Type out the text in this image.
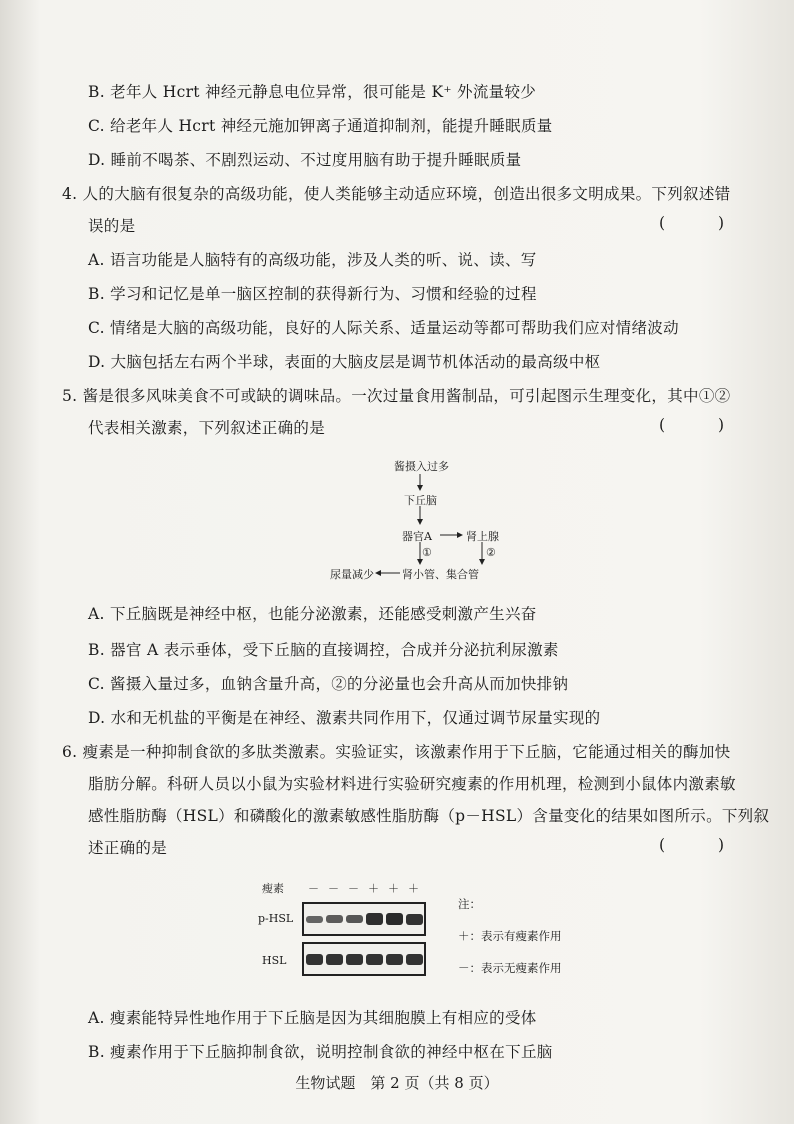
B. 老年人 Hcrt 神经元静息电位异常，很可能是 K⁺ 外流量较少
C. 给老年人 Hcrt 神经元施加钾离子通道抑制剂，能提升睡眠质量
D. 睡前不喝茶、不剧烈运动、不过度用脑有助于提升睡眠质量
4. 人的大脑有很复杂的高级功能，使人类能够主动适应环境，创造出很多文明成果。下列叙述错
误的是	( )
A. 语言功能是人脑特有的高级功能，涉及人类的听、说、读、写
B. 学习和记忆是单一脑区控制的获得新行为、习惯和经验的过程
C. 情绪是大脑的高级功能，良好的人际关系、适量运动等都可帮助我们应对情绪波动
D. 大脑包括左右两个半球，表面的大脑皮层是调节机体活动的最高级中枢
5. 酱是很多风味美食不可或缺的调味品。一次过量食用酱制品，可引起图示生理变化，其中①②
代表相关激素，下列叙述正确的是	( )
酱摄入过多
下丘脑
器官A	肾上腺
①	②
肾小管、集合管
尿量减少
A. 下丘脑既是神经中枢，也能分泌激素，还能感受刺激产生兴奋
B. 器官 A 表示垂体，受下丘脑的直接调控，合成并分泌抗利尿激素
C. 酱摄入量过多，血钠含量升高，②的分泌量也会升高从而加快排钠
D. 水和无机盐的平衡是在神经、激素共同作用下，仅通过调节尿量实现的
6. 瘦素是一种抑制食欲的多肽类激素。实验证实，该激素作用于下丘脑，它能通过相关的酶加快
脂肪分解。科研人员以小鼠为实验材料进行实验研究瘦素的作用机理，检测到小鼠体内激素敏
感性脂肪酶（HSL）和磷酸化的激素敏感性脂肪酶（p－HSL）含量变化的结果如图所示。下列叙
述正确的是	( )
瘦素 － － － ＋ ＋ ＋
p-HSL
HSL
注：
＋：表示有瘦素作用
－：表示无瘦素作用
A. 瘦素能特异性地作用于下丘脑是因为其细胞膜上有相应的受体
B. 瘦素作用于下丘脑抑制食欲，说明控制食欲的神经中枢在下丘脑
生物试题　第 2 页（共 8 页）
